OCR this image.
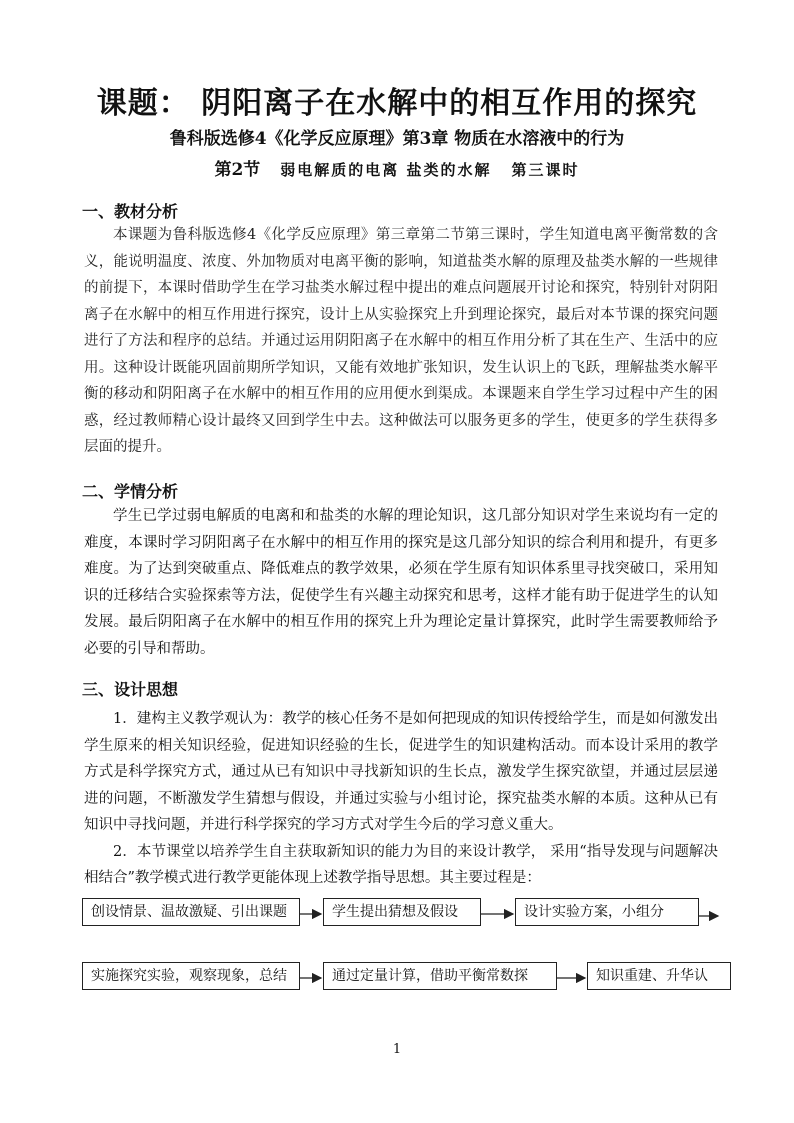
课题： 阴阳离子在水解中的相互作用的探究
鲁科版选修4《化学反应原理》第3章 物质在水溶液中的行为
第2节 弱电解质的电离 盐类的水解 第三课时
一、教材分析

本课题为鲁科版选修4《化学反应原理》第三章第二节第三课时，学生知道电离平衡常数的含义，能说明温度、浓度、外加物质对电离平衡的影响，知道盐类水解的原理及盐类水解的一些规律的前提下，本课时借助学生在学习盐类水解过程中提出的难点问题展开讨论和探究，特别针对阴阳离子在水解中的相互作用进行探究，设计上从实验探究上升到理论探究，最后对本节课的探究问题进行了方法和程序的总结。并通过运用阴阳离子在水解中的相互作用分析了其在生产、生活中的应用。这种设计既能巩固前期所学知识，又能有效地扩张知识，发生认识上的飞跃，理解盐类水解平衡的移动和阴阳离子在水解中的相互作用的应用便水到渠成。本课题来自学生学习过程中产生的困惑，经过教师精心设计最终又回到学生中去。这种做法可以服务更多的学生，使更多的学生获得多层面的提升。

二、学情分析

学生已学过弱电解质的电离和和盐类的水解的理论知识，这几部分知识对学生来说均有一定的难度，本课时学习阴阳离子在水解中的相互作用的探究是这几部分知识的综合利用和提升，有更多难度。为了达到突破重点、降低难点的教学效果，必须在学生原有知识体系里寻找突破口，采用知识的迁移结合实验探索等方法，促使学生有兴趣主动探究和思考，这样才能有助于促进学生的认知发展。最后阴阳离子在水解中的相互作用的探究上升为理论定量计算探究，此时学生需要教师给予必要的引导和帮助。

三、设计思想

1．建构主义教学观认为：教学的核心任务不是如何把现成的知识传授给学生，而是如何激发出学生原来的相关知识经验，促进知识经验的生长，促进学生的知识建构活动。而本设计采用的教学方式是科学探究方式，通过从已有知识中寻找新知识的生长点，激发学生探究欲望，并通过层层递进的问题，不断激发学生猜想与假设，并通过实验与小组讨论，探究盐类水解的本质。这种从已有知识中寻找问题，并进行科学探究的学习方式对学生今后的学习意义重大。

2．本节课堂以培养学生自主获取新知识的能力为目的来设计教学， 采用“指导发现与问题解决相结合”教学模式进行教学更能体现上述教学指导思想。其主要过程是：

创设情景、温故激疑、引出课题	学生提出猜想及假设	设计实验方案，小组分
实施探究实验，观察现象，总结	通过定量计算，借助平衡常数探	知识重建、升华认
1
